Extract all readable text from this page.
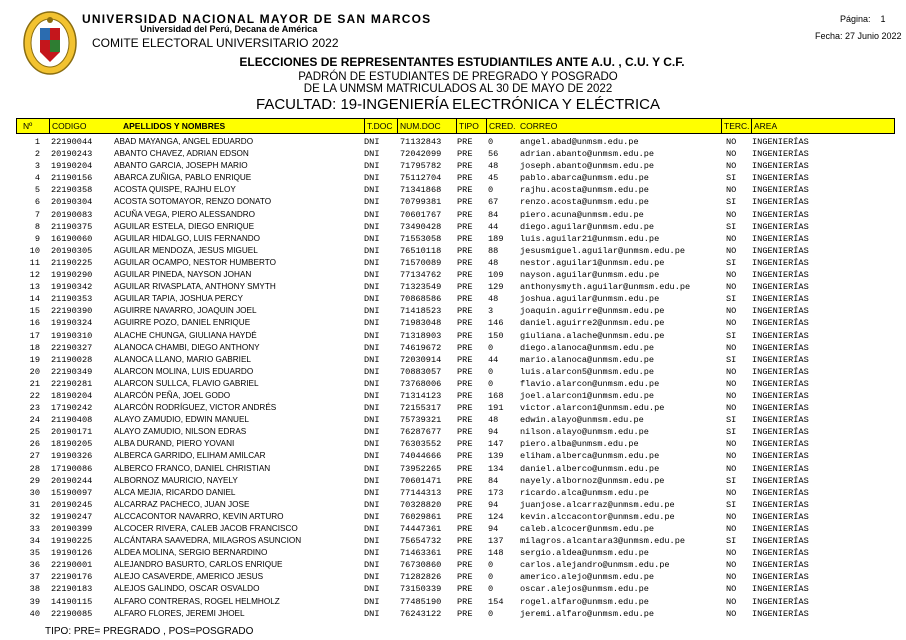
UNIVERSIDAD NACIONAL MAYOR DE SAN MARCOS
Universidad del Perú, Decana de América
COMITE ELECTORAL UNIVERSITARIO 2022
Página: 1
Fecha: 27 Junio 2022
ELECCIONES DE REPRESENTANTES ESTUDIANTILES ANTE A.U. , C.U. Y C.F.
PADRÓN DE ESTUDIANTES DE PREGRADO Y POSGRADO
DE LA UNMSM MATRICULADOS AL 30 DE MAYO DE 2022
FACULTAD: 19-INGENIERÍA ELECTRÓNICA Y ELÉCTRICA
Nº	CODIGO	APELLIDOS Y NOMBRES	T.DOC NUM.DOC	TIPO	CRED. CORREO	TERC. AREA
1 22190044	ABAD MAYANGA, ANGEL EDUARDO	DNI 71132843 PRE 0	angel.abad@unmsm.edu.pe	NO INGENIERÍAS
2 20190243	ABANTO CHAVEZ, ADRIAN EDSON	DNI 72042099 PRE 56	adrian.abanto@unmsm.edu.pe	NO INGENIERÍAS
3 19190204	ABANTO GARCIA, JOSEPH MARIO	DNI 71795782 PRE 48	joseph.abanto@unmsm.edu.pe	NO INGENIERÍAS
4 21190156	ABARCA ZUÑIGA, PABLO ENRIQUE	DNI 75112704 PRE 45	pablo.abarca@unmsm.edu.pe	SI INGENIERÍAS
5 22190358	ACOSTA QUISPE, RAJHU ELOY	DNI 71341868 PRE 0	rajhu.acosta@unmsm.edu.pe	NO INGENIERÍAS
6 20190304	ACOSTA SOTOMAYOR, RENZO DONATO	DNI 70799381 PRE 67	renzo.acosta@unmsm.edu.pe	SI INGENIERÍAS
7 20190083	ACUÑA VEGA, PIERO ALESSANDRO	DNI 70601767 PRE 84	piero.acuna@unmsm.edu.pe	NO INGENIERÍAS
8 21190375	AGUILAR ESTELA, DIEGO ENRIQUE	DNI 73490428 PRE 44	diego.aguilar@unmsm.edu.pe	SI INGENIERÍAS
9 16190060	AGUILAR HIDALGO, LUIS FERNANDO	DNI 71553058 PRE 189 luis.aguilar21@unmsm.edu.pe	NO INGENIERÍAS
10 20190305	AGUILAR MENDOZA, JESUS MIGUEL	DNI 76510118 PRE 88	jesusmiguel.aguilar@unmsm.edu.pe	NO INGENIERÍAS
11 21190225	AGUILAR OCAMPO, NESTOR HUMBERTO	DNI 71570089 PRE 48	nestor.aguilar1@unmsm.edu.pe	SI INGENIERÍAS
12 19190290	AGUILAR PINEDA, NAYSON JOHAN	DNI 77134762 PRE 109 nayson.aguilar@unmsm.edu.pe	NO INGENIERÍAS
13 19190342	AGUILAR RIVASPLATA, ANTHONY SMYTH	DNI 71323549 PRE 129 anthonysmyth.aguilar@unmsm.edu.pe	NO INGENIERÍAS
14 21190353	AGUILAR TAPIA, JOSHUA PERCY	DNI 70868586 PRE 48	joshua.aguilar@unmsm.edu.pe	SI INGENIERÍAS
15 22190390	AGUIRRE NAVARRO, JOAQUIN JOEL	DNI 71418523 PRE 3	joaquin.aguirre@unmsm.edu.pe	NO INGENIERÍAS
16 19190324	AGUIRRE POZO, DANIEL ENRIQUE	DNI 71983048 PRE 146 daniel.aguirre2@unmsm.edu.pe	NO INGENIERÍAS
17 19190310	ALACHE CHUNGA, GIULIANA HAYDÉ	DNI 71318903 PRE 150 giuliana.alache@unmsm.edu.pe	SI INGENIERÍAS
18 22190327	ALANOCA CHAMBI, DIEGO ANTHONY	DNI 74619672 PRE 0	diego.alanoca@unmsm.edu.pe	NO INGENIERÍAS
19 21190028	ALANOCA LLANO, MARIO GABRIEL	DNI 72030914 PRE 44	mario.alanoca@unmsm.edu.pe	SI INGENIERÍAS
20 22190349	ALARCON MOLINA, LUIS EDUARDO	DNI 70883057 PRE 0	luis.alarcon5@unmsm.edu.pe	NO INGENIERÍAS
21 22190281	ALARCON SULLCA, FLAVIO GABRIEL	DNI 73768006 PRE 0	flavio.alarcon@unmsm.edu.pe	NO INGENIERÍAS
22 18190204	ALARCÓN PEÑA, JOEL GODO	DNI 71314123 PRE 168 joel.alarcon1@unmsm.edu.pe	NO INGENIERÍAS
23 17190242	ALARCÓN RODRÍGUEZ, VICTOR ANDRÉS	DNI 72155317 PRE 191 victor.alarcon1@unmsm.edu.pe	NO INGENIERÍAS
24 21190408	ALAYO ZAMUDIO, EDWIN MANUEL	DNI 75739321 PRE 48	edwin.alayo@unmsm.edu.pe	SI INGENIERÍAS
25 20190171	ALAYO ZAMUDIO, NILSON EDRAS	DNI 76287677 PRE 94	nilson.alayo@unmsm.edu.pe	SI INGENIERÍAS
26 18190205	ALBA DURAND, PIERO YOVANI	DNI 76303552 PRE 147 piero.alba@unmsm.edu.pe	NO INGENIERÍAS
27 19190326	ALBERCA GARRIDO, ELIHAM AMILCAR	DNI 74044666 PRE 139 eliham.alberca@unmsm.edu.pe	NO INGENIERÍAS
28 17190086	ALBERCO FRANCO, DANIEL CHRISTIAN	DNI 73952265 PRE 134 daniel.alberco@unmsm.edu.pe	NO INGENIERÍAS
29 20190244	ALBORNOZ MAURICIO, NAYELY	DNI 70601471 PRE 84	nayely.albornoz@unmsm.edu.pe	SI INGENIERÍAS
30 15190097	ALCA MEJIA, RICARDO DANIEL	DNI 77144313 PRE 173 ricardo.alca@unmsm.edu.pe	NO INGENIERÍAS
31 20190245	ALCARRAZ PACHECO, JUAN JOSE	DNI 70328820 PRE 94	juanjose.alcarraz@unmsm.edu.pe	SI INGENIERÍAS
32 19190247	ALCCACONTOR NAVARRO, KEVIN ARTURO	DNI 76029861 PRE 124 kevin.alccacontor@unmsm.edu.pe	NO INGENIERÍAS
33 20190399	ALCOCER RIVERA, CALEB JACOB FRANCISCO	DNI 74447361 PRE 94	caleb.alcocer@unmsm.edu.pe	NO INGENIERÍAS
34 19190225	ALCÁNTARA SAAVEDRA, MILAGROS ASUNCION	DNI 75654732 PRE 137 milagros.alcantara3@unmsm.edu.pe	SI INGENIERÍAS
35 19190126	ALDEA MOLINA, SERGIO BERNARDINO	DNI 71463361 PRE 148 sergio.aldea@unmsm.edu.pe	NO INGENIERÍAS
36 22190001	ALEJANDRO BASURTO, CARLOS ENRIQUE	DNI 76730860 PRE 0	carlos.alejandro@unmsm.edu.pe	NO INGENIERÍAS
37 22190176	ALEJO CASAVERDE, AMERICO JESUS	DNI 71282826 PRE 0	americo.alejo@unmsm.edu.pe	NO INGENIERÍAS
38 22190183	ALEJOS GALINDO, OSCAR OSVALDO	DNI 73150339 PRE 0	oscar.alejos@unmsm.edu.pe	NO INGENIERÍAS
39 14190115	ALFARO CONTRERAS, ROGEL HELMHOLZ	DNI 77485190 PRE 154 rogel.alfaro@unmsm.edu.pe	NO INGENIERÍAS
40 22190085	ALFARO FLORES, JEREMI JHOEL	DNI 76243122 PRE 0	jeremi.alfaro@unmsm.edu.pe	NO INGENIERÍAS
TIPO: PRE= PREGRADO , POS=POSGRADO
